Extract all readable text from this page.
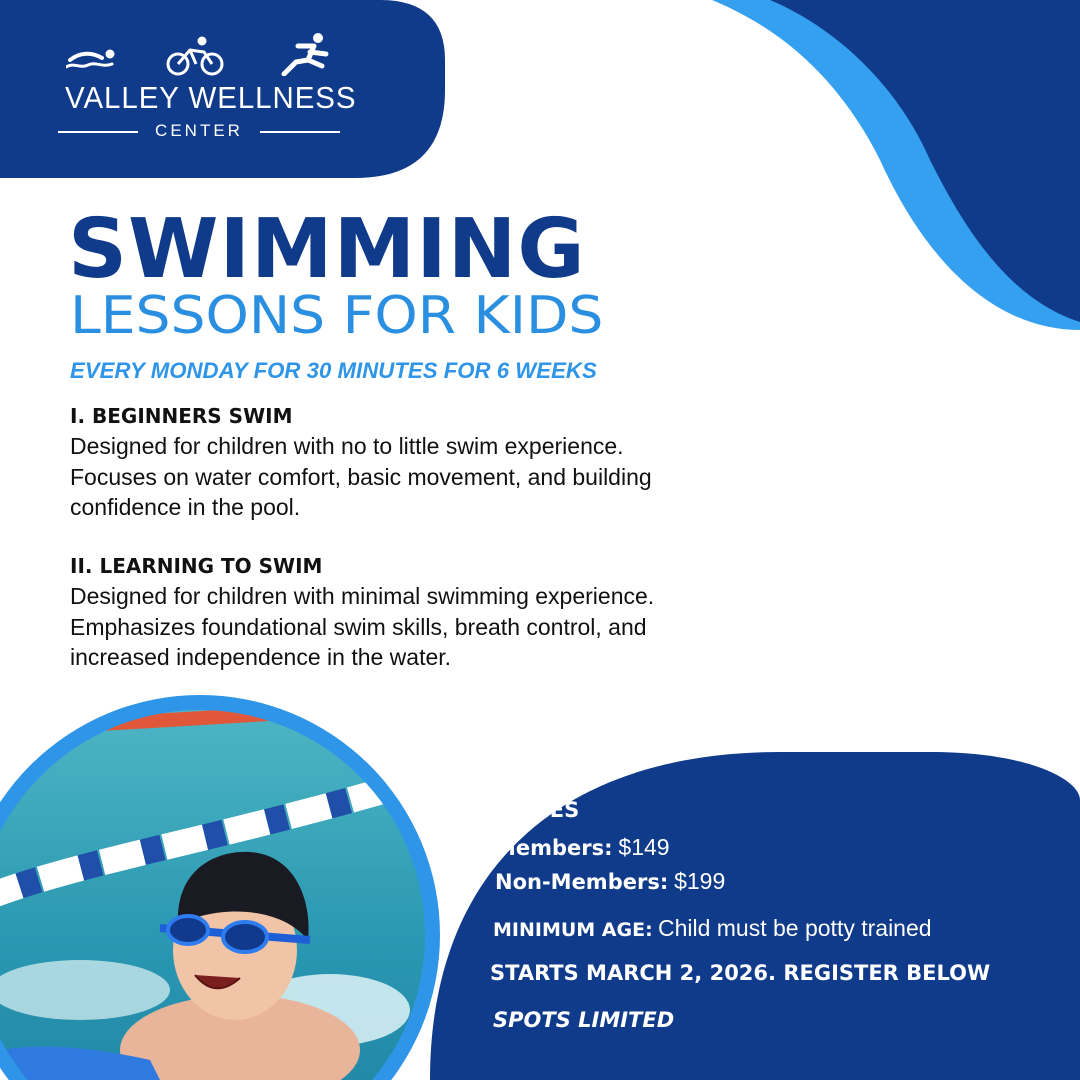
VALLEY WELLNESS
CENTER
SWIMMING
LESSONS FOR KIDS
EVERY MONDAY FOR 30 MINUTES FOR 6 WEEKS
I. BEGINNERS SWIM
Designed for children with no to little swim experience.
Focuses on water comfort, basic movement, and building
confidence in the pool.
II. LEARNING TO SWIM
Designed for children with minimal swimming experience.
Emphasizes foundational swim skills, breath control, and
increased independence in the water.
PRICES
Members: $149
Non-Members: $199
MINIMUM AGE: Child must be potty trained
STARTS MARCH 2, 2026. REGISTER BELOW
SPOTS LIMITED
